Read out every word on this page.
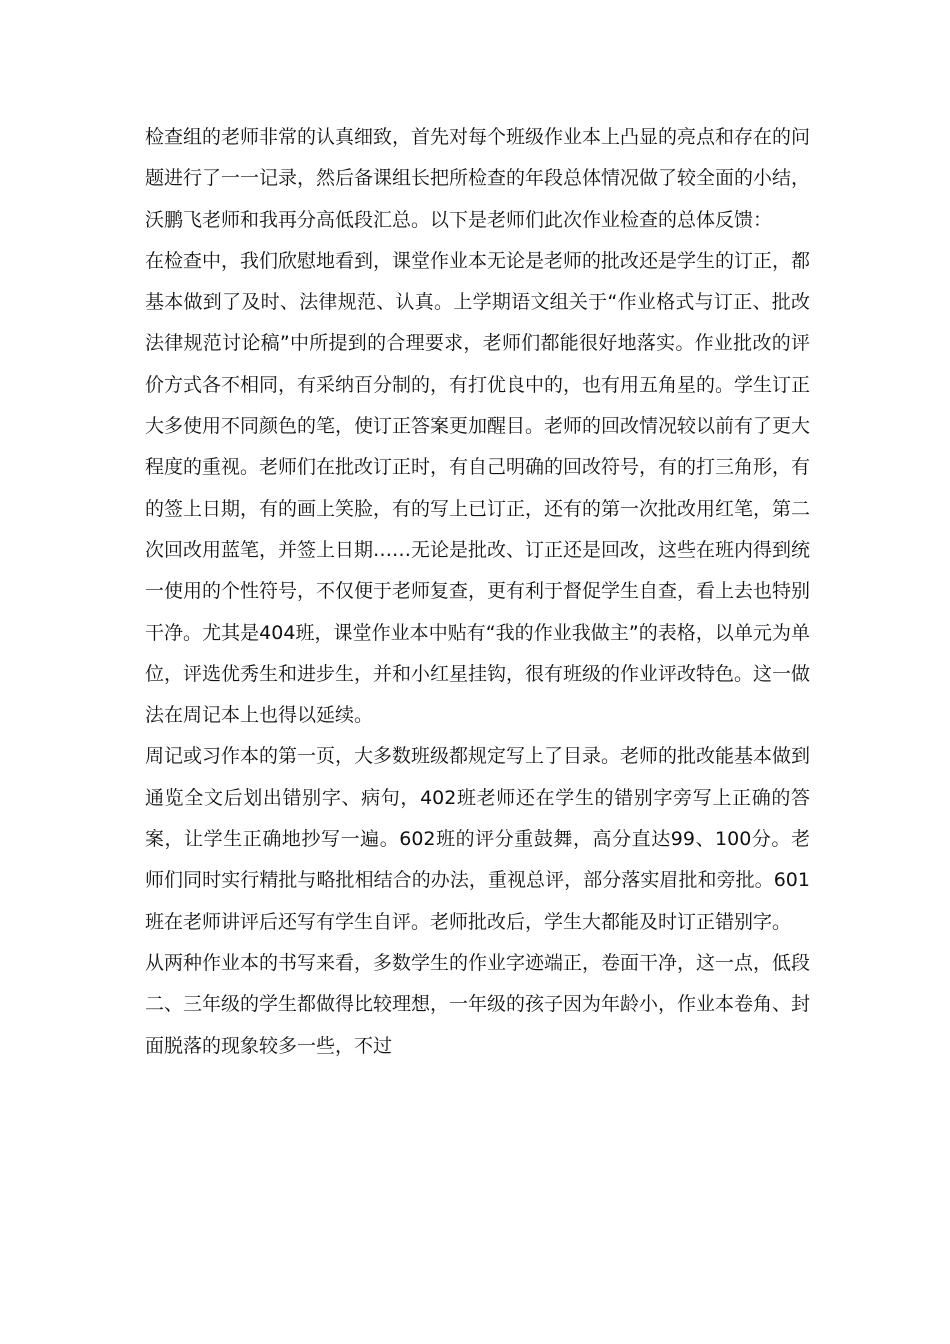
检查组的老师非常的认真细致，首先对每个班级作业本上凸显的亮点和存在的问题进行了一一记录，然后备课组长把所检查的年段总体情况做了较全面的小结，沃鹏飞老师和我再分高低段汇总。以下是老师们此次作业检查的总体反馈：

在检查中，我们欣慰地看到，课堂作业本无论是老师的批改还是学生的订正，都基本做到了及时、法律规范、认真。上学期语文组关于“作业格式与订正、批改法律规范讨论稿”中所提到的合理要求，老师们都能很好地落实。作业批改的评价方式各不相同，有采纳百分制的，有打优良中的，也有用五角星的。学生订正大多使用不同颜色的笔，使订正答案更加醒目。老师的回改情况较以前有了更大程度的重视。老师们在批改订正时，有自己明确的回改符号，有的打三角形，有的签上日期，有的画上笑脸，有的写上已订正，还有的第一次批改用红笔，第二次回改用蓝笔，并签上日期……无论是批改、订正还是回改，这些在班内得到统一使用的个性符号，不仅便于老师复查，更有利于督促学生自查，看上去也特别干净。尤其是404班，课堂作业本中贴有“我的作业我做主”的表格，以单元为单位，评选优秀生和进步生，并和小红星挂钩，很有班级的作业评改特色。这一做法在周记本上也得以延续。

周记或习作本的第一页，大多数班级都规定写上了目录。老师的批改能基本做到通览全文后划出错别字、病句，402班老师还在学生的错别字旁写上正确的答案，让学生正确地抄写一遍。602班的评分重鼓舞，高分直达99、100分。老师们同时实行精批与略批相结合的办法，重视总评，部分落实眉批和旁批。601班在老师讲评后还写有学生自评。老师批改后，学生大都能及时订正错别字。

从两种作业本的书写来看，多数学生的作业字迹端正，卷面干净，这一点，低段二、三年级的学生都做得比较理想，一年级的孩子因为年龄小，作业本卷角、封面脱落的现象较多一些，不过
